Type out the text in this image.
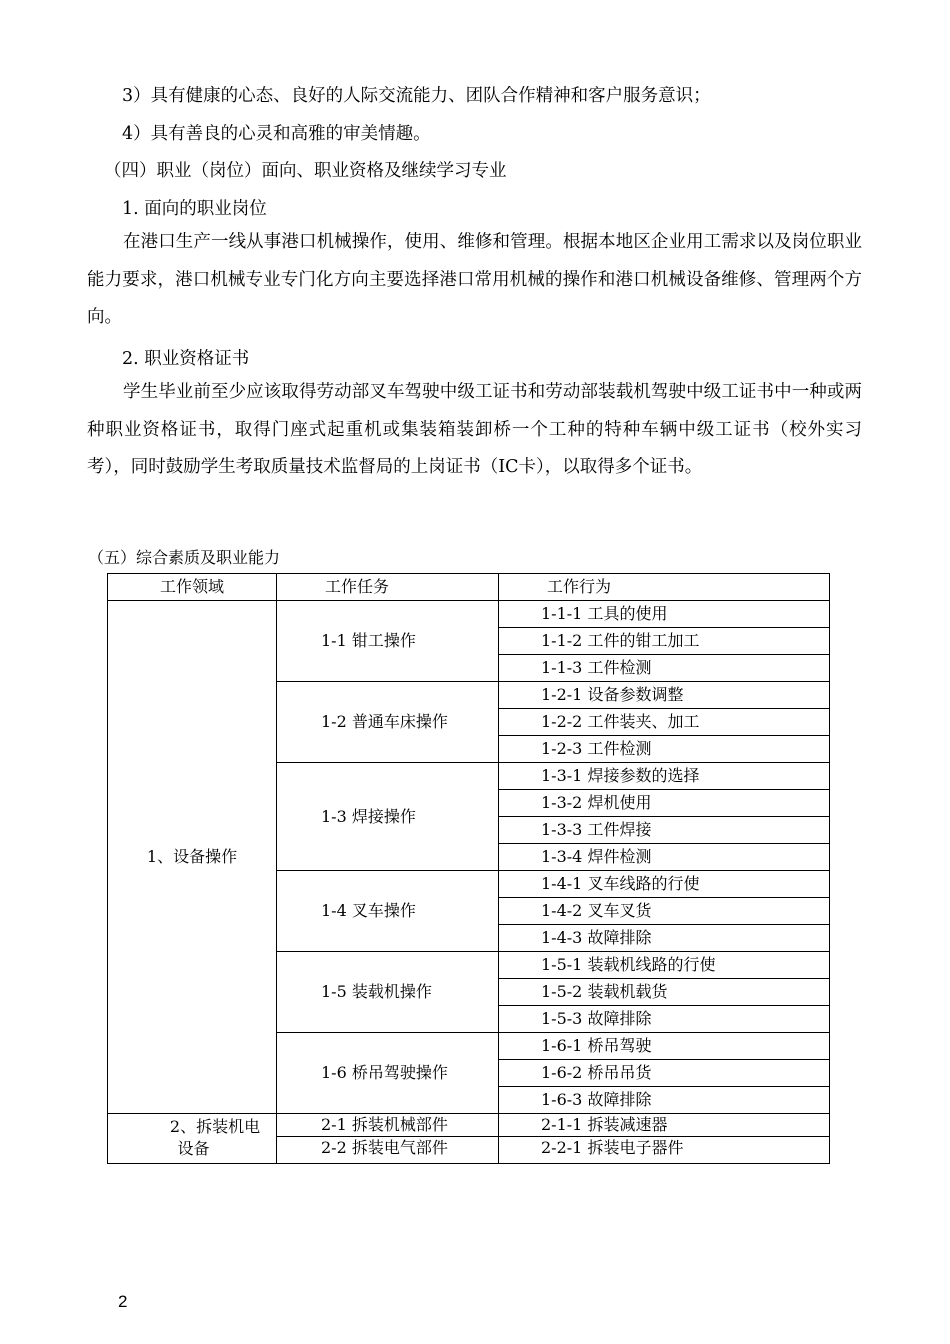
3）具有健康的心态、良好的人际交流能力、团队合作精神和客户服务意识；
4）具有善良的心灵和高雅的审美情趣。
（四）职业（岗位）面向、职业资格及继续学习专业
1. 面向的职业岗位
在港口生产一线从事港口机械操作，使用、维修和管理。根据本地区企业用工需求以及岗位职业能力要求，港口机械专业专门化方向主要选择港口常用机械的操作和港口机械设备维修、管理两个方向。
2. 职业资格证书
学生毕业前至少应该取得劳动部叉车驾驶中级工证书和劳动部装载机驾驶中级工证书中一种或两种职业资格证书，取得门座式起重机或集装箱装卸桥一个工种的特种车辆中级工证书（校外实习考），同时鼓励学生考取质量技术监督局的上岗证书（IC卡），以取得多个证书。
（五）综合素质及职业能力
工作领域	工作任务	工作行为
1、设备操作	1-1 钳工操作	1-1-1 工具的使用
		1-1-2 工件的钳工加工
		1-1-3 工件检测
	1-2 普通车床操作	1-2-1 设备参数调整
		1-2-2 工件装夹、加工
		1-2-3 工件检测
	1-3 焊接操作	1-3-1 焊接参数的选择
		1-3-2 焊机使用
		1-3-3 工件焊接
		1-3-4 焊件检测
	1-4 叉车操作	1-4-1 叉车线路的行使
		1-4-2 叉车叉货
		1-4-3 故障排除
	1-5 装载机操作	1-5-1 装载机线路的行使
		1-5-2 装载机载货
		1-5-3 故障排除
	1-6 桥吊驾驶操作	1-6-1 桥吊驾驶
		1-6-2 桥吊吊货
		1-6-3 故障排除

2、拆装机电
设备	2-1 拆装机械部件	2-1-1 拆装减速器
	2-2 拆装电气部件	2-2-1 拆装电子器件
2
